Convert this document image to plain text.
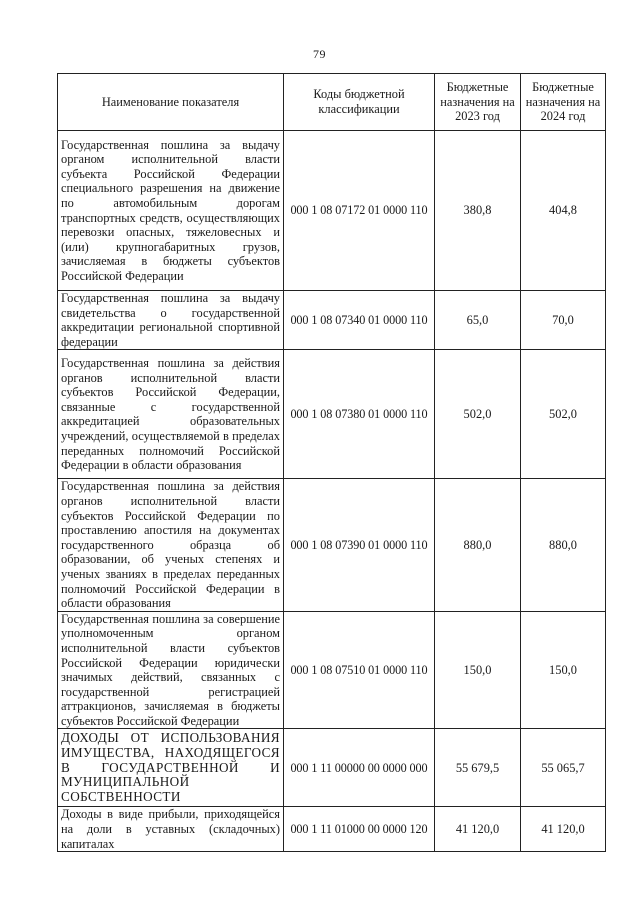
79
Наименование показателя	Коды бюджетной классификации	Бюджетные назначения на 2023 год	Бюджетные назначения на 2024 год
Государственная пошлина за выдачу органом исполнительной власти субъекта Российской Федерации специального разрешения на движение по автомобильным дорогам транспортных средств, осуществляющих перевозки опасных, тяжеловесных и (или) крупногабаритных грузов, зачисляемая в бюджеты субъектов Российской Федерации	000 1 08 07172 01 0000 110	380,8	404,8
Государственная пошлина за выдачу свидетельства о государственной аккредитации региональной спортивной федерации	000 1 08 07340 01 0000 110	65,0	70,0
Государственная пошлина за действия органов исполнительной власти субъектов Российской Федерации, связанные с государственной аккредитацией образовательных учреждений, осуществляемой в пределах переданных полномочий Российской Федерации в области образования	000 1 08 07380 01 0000 110	502,0	502,0
Государственная пошлина за действия органов исполнительной власти субъектов Российской Федерации по проставлению апостиля на документах государственного образца об образовании, об ученых степенях и ученых званиях в пределах переданных полномочий Российской Федерации в области образования	000 1 08 07390 01 0000 110	880,0	880,0
Государственная пошлина за совершение уполномоченным органом исполнительной власти субъектов Российской Федерации юридически значимых действий, связанных с государственной регистрацией аттракционов, зачисляемая в бюджеты субъектов Российской Федерации	000 1 08 07510 01 0000 110	150,0	150,0
ДОХОДЫ ОТ ИСПОЛЬЗОВАНИЯ ИМУЩЕСТВА, НАХОДЯЩЕГОСЯ В ГОСУДАРСТВЕННОЙ И МУНИЦИПАЛЬНОЙ СОБСТВЕННОСТИ	000 1 11 00000 00 0000 000	55 679,5	55 065,7
Доходы в виде прибыли, приходящейся на доли в уставных (складочных) капиталах	000 1 11 01000 00 0000 120	41 120,0	41 120,0
